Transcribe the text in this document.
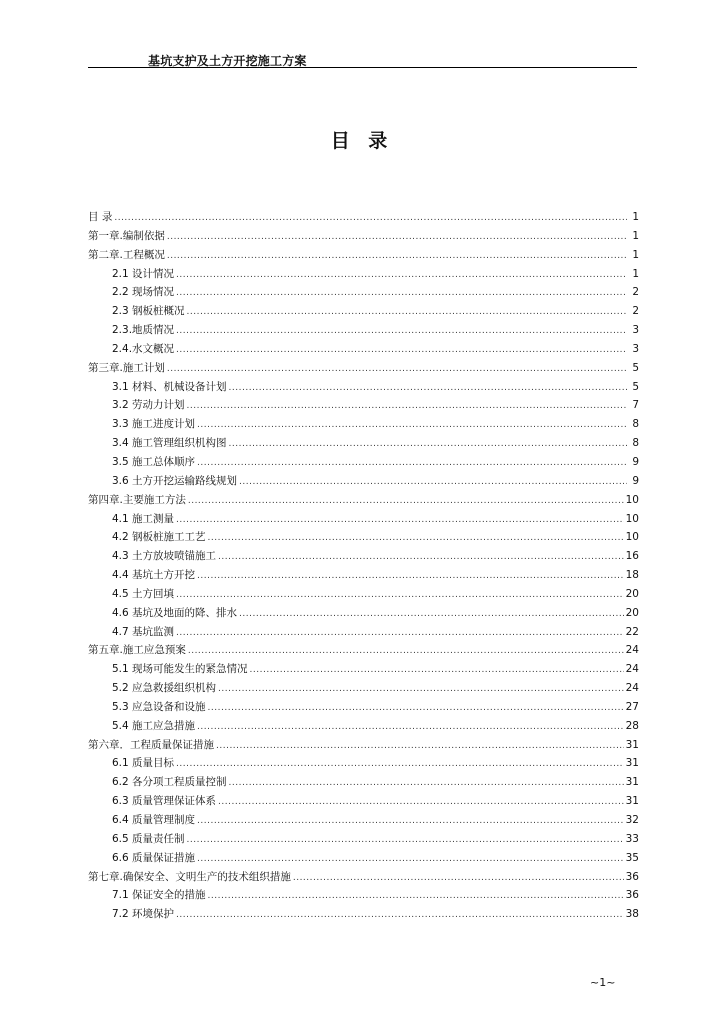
基坑支护及土方开挖施工方案
目 录
目 录 .....	1
第一章.编制依据 .....	1
第二章.工程概况 .....	1
2.1 设计情况 .....	1
2.2 现场情况 .....	2
2.3 钢板桩概况 .....	2
2.3.地质情况 .....	3
2.4.水文概况 .....	3
第三章.施工计划 .....	5
3.1 材料、机械设备计划 .....	5
3.2 劳动力计划 .....	7
3.3 施工进度计划 .....	8
3.4 施工管理组织机构图 .....	8
3.5 施工总体顺序 .....	9
3.6 土方开挖运输路线规划 .....	9
第四章.主要施工方法 .....	10
4.1 施工测量 .....	10
4.2 钢板桩施工工艺 .....	10
4.3 土方放坡喷锚施工 .....	16
4.4 基坑土方开挖 .....	18
4.5 土方回填 .....	20
4.6 基坑及地面的降、排水 .....	20
4.7 基坑监测 .....	22
第五章.施工应急预案 .....	24
5.1 现场可能发生的紧急情况 .....	24
5.2 应急救援组织机构 .....	24
5.3 应急设备和设施 .....	27
5.4 施工应急措施 .....	28
第六章．工程质量保证措施 .....	31
6.1 质量目标 .....	31
6.2 各分项工程质量控制 .....	31
6.3 质量管理保证体系 .....	31
6.4 质量管理制度 .....	32
6.5 质量责任制 .....	33
6.6 质量保证措施 .....	35
第七章.确保安全、文明生产的技术组织措施 .....	36
7.1 保证安全的措施 .....	36
7.2 环境保护 .....	38
~1~
